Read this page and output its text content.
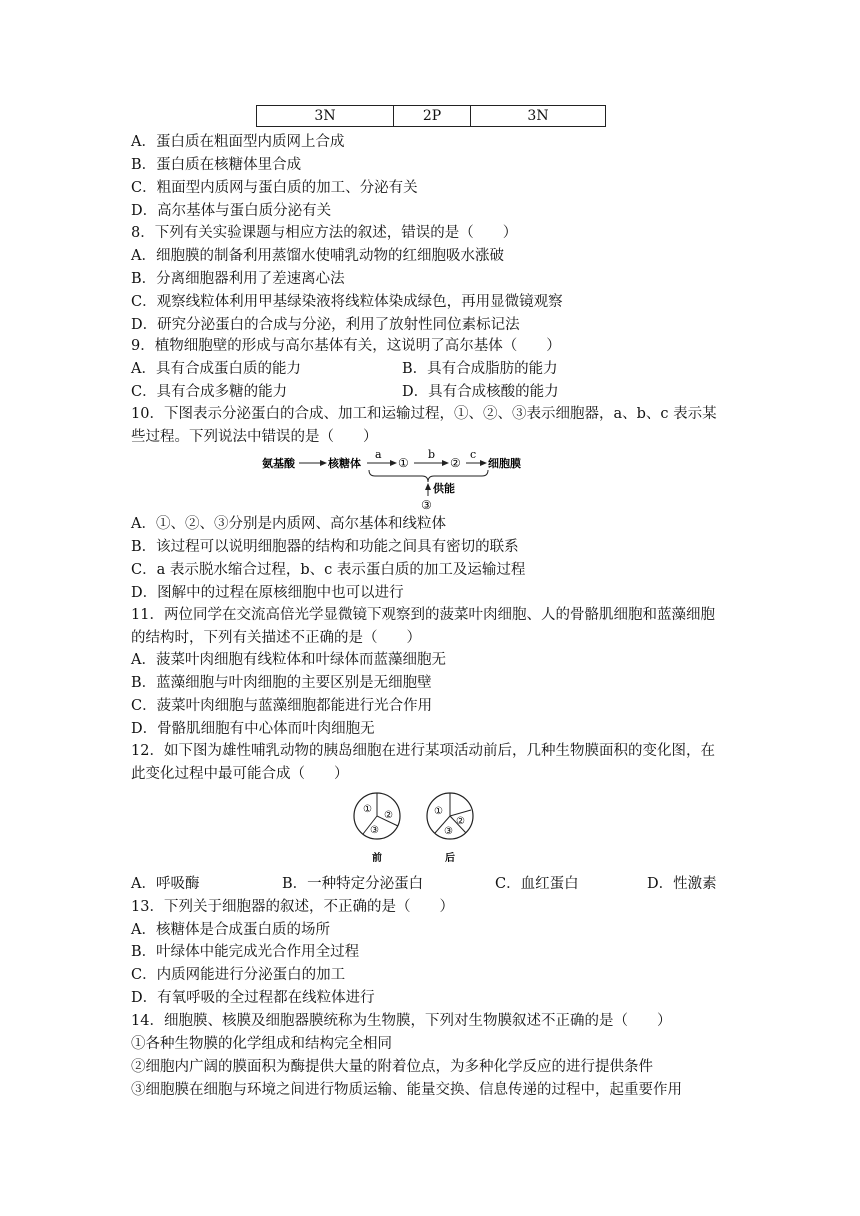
3N	2P	3N
A．蛋白质在粗面型内质网上合成
B．蛋白质在核糖体里合成
C．粗面型内质网与蛋白质的加工、分泌有关
D．高尔基体与蛋白质分泌有关
8．下列有关实验课题与相应方法的叙述，错误的是（　　）
A．细胞膜的制备利用蒸馏水使哺乳动物的红细胞吸水涨破
B．分离细胞器利用了差速离心法
C．观察线粒体利用甲基绿染液将线粒体染成绿色，再用显微镜观察
D．研究分泌蛋白的合成与分泌，利用了放射性同位素标记法
9．植物细胞壁的形成与高尔基体有关，这说明了高尔基体（　　）
A．具有合成蛋白质的能力	B．具有合成脂肪的能力
C．具有合成多糖的能力	D．具有合成核酸的能力
10．下图表示分泌蛋白的合成、加工和运输过程，①、②、③表示细胞器，a、b、c 表示某
些过程。下列说法中错误的是（　　）
氨基酸	核糖体
a
①
b
②
c
细胞膜
供能
③
A．①、②、③分别是内质网、高尔基体和线粒体
B．该过程可以说明细胞器的结构和功能之间具有密切的联系
C．a 表示脱水缩合过程，b、c 表示蛋白质的加工及运输过程
D．图解中的过程在原核细胞中也可以进行
11．两位同学在交流高倍光学显微镜下观察到的菠菜叶肉细胞、人的骨骼肌细胞和蓝藻细胞
的结构时，下列有关描述不正确的是（　　）
A．菠菜叶肉细胞有线粒体和叶绿体而蓝藻细胞无
B．蓝藻细胞与叶肉细胞的主要区别是无细胞壁
C．菠菜叶肉细胞与蓝藻细胞都能进行光合作用
D．骨骼肌细胞有中心体而叶肉细胞无
12．如下图为雄性哺乳动物的胰岛细胞在进行某项活动前后，几种生物膜面积的变化图，在
此变化过程中最可能合成（　　）
①
②
③
前
①
②
③
后
A．呼吸酶	B．一种特定分泌蛋白	C．血红蛋白	D．性激素
13．下列关于细胞器的叙述，不正确的是（　　）
A．核糖体是合成蛋白质的场所
B．叶绿体中能完成光合作用全过程
C．内质网能进行分泌蛋白的加工
D．有氧呼吸的全过程都在线粒体进行
14．细胞膜、核膜及细胞器膜统称为生物膜，下列对生物膜叙述不正确的是（　　）
①各种生物膜的化学组成和结构完全相同
②细胞内广阔的膜面积为酶提供大量的附着位点，为多种化学反应的进行提供条件
③细胞膜在细胞与环境之间进行物质运输、能量交换、信息传递的过程中，起重要作用
